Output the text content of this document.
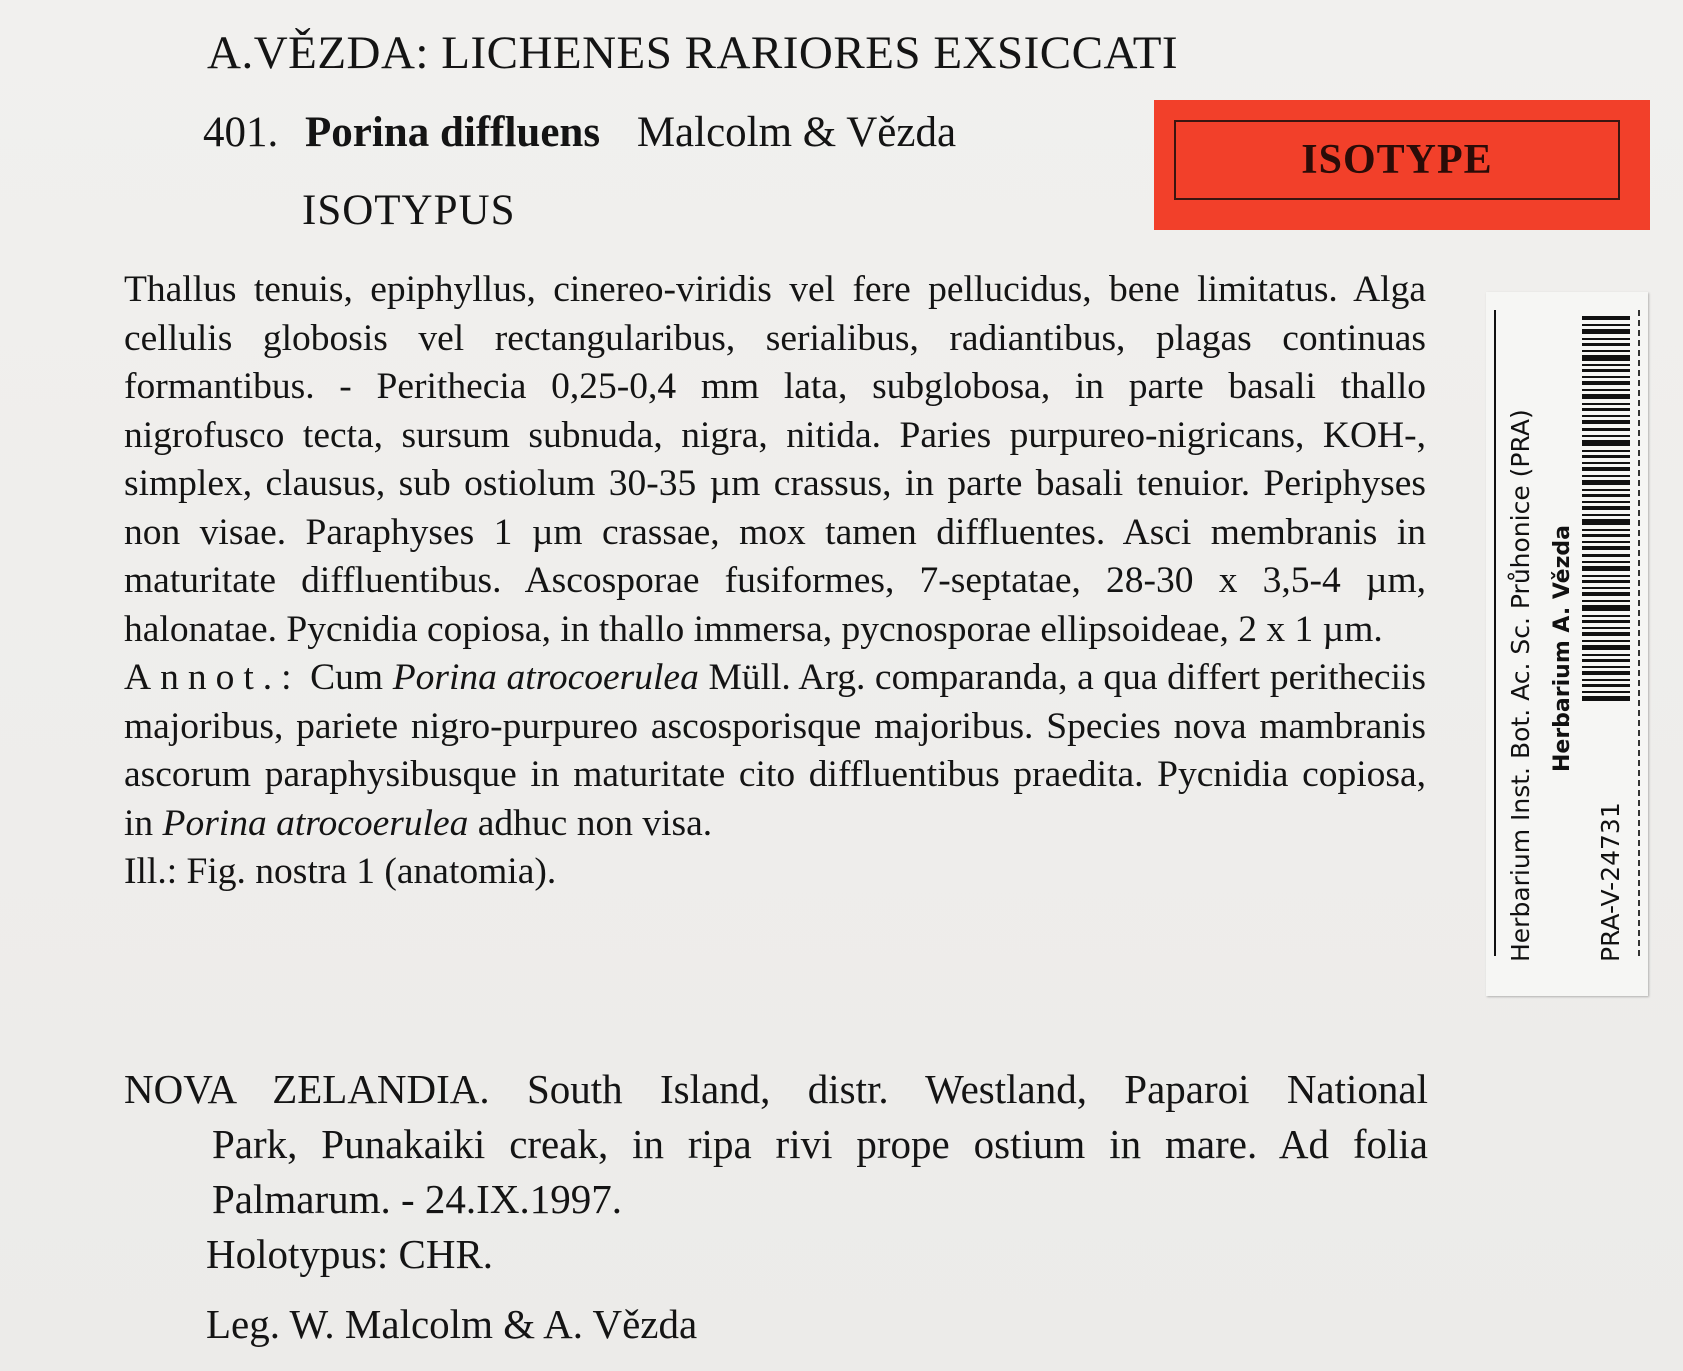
A.VĚZDA: LICHENES RARIORES EXSICCATI
401. Porina diffluens Malcolm & Vězda
ISOTYPUS
ISOTYPE

Thallus tenuis, epiphyllus, cinereo-viridis vel fere pellucidus, bene limitatus. Alga cellulis globosis vel rectangularibus, serialibus, radiantibus, plagas continuas formantibus. - Perithecia 0,25-0,4 mm lata, subglobosa, in parte basali thallo nigrofusco tecta, sursum subnuda, nigra, nitida. Paries purpureo-nigricans, KOH-, simplex, clausus, sub ostiolum 30-35 µm crassus, in parte basali tenuior. Periphyses non visae. Paraphyses 1 µm crassae, mox tamen diffluentes. Asci membranis in maturitate diffluentibus. Ascosporae fusiformes, 7-septatae, 28-30 x 3,5-4 µm, halonatae. Pycnidia copiosa, in thallo immersa, pycnosporae ellipsoideae, 2 x 1 µm.

Annot.: Cum Porina atrocoerulea Müll. Arg. comparanda, a qua differt peritheciis majoribus, pariete nigro-purpureo ascosporisque majoribus. Species nova mambranis ascorum paraphysibusque in maturitate cito diffluentibus praedita. Pycnidia copiosa, in Porina atrocoerulea adhuc non visa.

Ill.: Fig. nostra 1 (anatomia).

NOVA ZELANDIA. South Island, distr. Westland, Paparoi National

Park, Punakaiki creak, in ripa rivi prope ostium in mare. Ad folia Palmarum. - 24.IX.1997.

Holotypus: CHR.

Leg. W. Malcolm & A. Vězda
Herbarium Inst. Bot. Ac. Sc. Průhonice (PRA) Herbarium A. Vězda
PRA-V-24731
